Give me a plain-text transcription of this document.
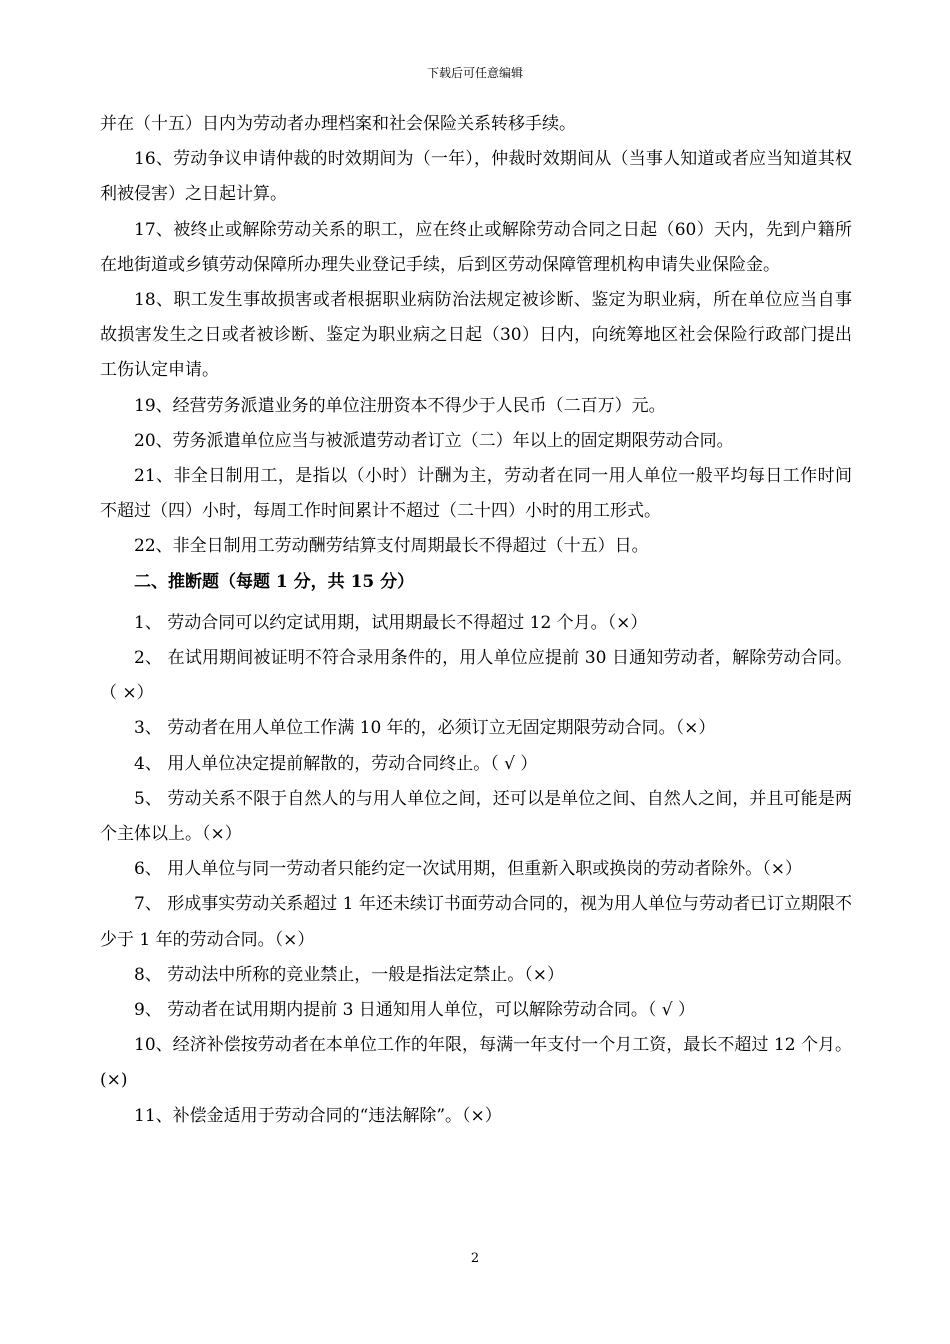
下载后可任意编辑

并在（十五）日内为劳动者办理档案和社会保险关系转移手续。

16、劳动争议申请仲裁的时效期间为（一年），仲裁时效期间从（当事人知道或者应当知道其权利被侵害）之日起计算。

17、被终止或解除劳动关系的职工，应在终止或解除劳动合同之日起（60）天内，先到户籍所在地街道或乡镇劳动保障所办理失业登记手续，后到区劳动保障管理机构申请失业保险金。

18、职工发生事故损害或者根据职业病防治法规定被诊断、鉴定为职业病，所在单位应当自事故损害发生之日或者被诊断、鉴定为职业病之日起（30）日内，向统筹地区社会保险行政部门提出工伤认定申请。

19、经营劳务派遣业务的单位注册资本不得少于人民币（二百万）元。

20、劳务派遣单位应当与被派遣劳动者订立（二）年以上的固定期限劳动合同。

21、非全日制用工，是指以（小时）计酬为主，劳动者在同一用人单位一般平均每日工作时间不超过（四）小时，每周工作时间累计不超过（二十四）小时的用工形式。

22、非全日制用工劳动酬劳结算支付周期最长不得超过（十五）日。

二、推断题（每题 1 分，共 15 分）

1、 劳动合同可以约定试用期，试用期最长不得超过 12 个月。（×）

2、 在试用期间被证明不符合录用条件的，用人单位应提前 30 日通知劳动者，解除劳动合同。（ ×）

3、 劳动者在用人单位工作满 10 年的，必须订立无固定期限劳动合同。（×）

4、 用人单位决定提前解散的，劳动合同终止。（ √ ）

5、 劳动关系不限于自然人的与用人单位之间，还可以是单位之间、自然人之间，并且可能是两个主体以上。（×）

6、 用人单位与同一劳动者只能约定一次试用期，但重新入职或换岗的劳动者除外。（×）

7、 形成事实劳动关系超过 1 年还未续订书面劳动合同的，视为用人单位与劳动者已订立期限不少于 1 年的劳动合同。（×）

8、 劳动法中所称的竞业禁止，一般是指法定禁止。（×）

9、 劳动者在试用期内提前 3 日通知用人单位，可以解除劳动合同。（ √ ）

10、经济补偿按劳动者在本单位工作的年限，每满一年支付一个月工资，最长不超过 12 个月。(×)

11、补偿金适用于劳动合同的“违法解除”。（×）

2
